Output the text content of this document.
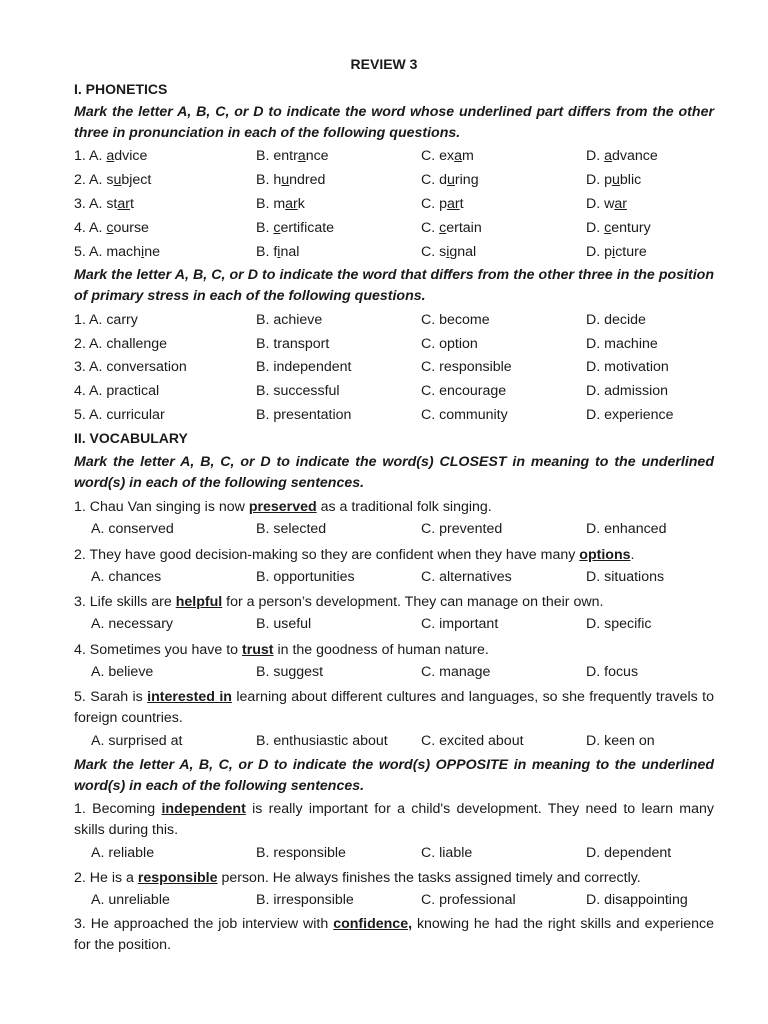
REVIEW 3
I. PHONETICS
Mark the letter A, B, C, or D to indicate the word whose underlined part differs from the other three in pronunciation in each of the following questions.
1. A. advice	B. entrance	C. exam	D. advance
2. A. subject	B. hundred	C. during	D. public
3. A. start	B. mark	C. part	D. war
4. A. course	B. certificate	C. certain	D. century
5. A. machine	B. final	C. signal	D. picture
Mark the letter A, B, C, or D to indicate the word that differs from the other three in the position of primary stress in each of the following questions.
1. A. carry	B. achieve	C. become	D. decide
2. A. challenge	B. transport	C. option	D. machine
3. A. conversation	B. independent	C. responsible	D. motivation
4. A. practical	B. successful	C. encourage	D. admission
5. A. curricular	B. presentation	C. community	D. experience
II. VOCABULARY
Mark the letter A, B, C, or D to indicate the word(s) CLOSEST in meaning to the underlined word(s) in each of the following sentences.
1. Chau Van singing is now preserved as a traditional folk singing.
A. conserved	B. selected	C. prevented	D. enhanced
2. They have good decision-making so they are confident when they have many options.
A. chances	B. opportunities	C. alternatives	D. situations
3. Life skills are helpful for a person’s development. They can manage on their own.
A. necessary	B. useful	C. important	D. specific
4. Sometimes you have to trust in the goodness of human nature.
A. believe	B. suggest	C. manage	D. focus
5. Sarah is interested in learning about different cultures and languages, so she frequently travels to foreign countries.
A. surprised at	B. enthusiastic about C. excited about	D. keen on
Mark the letter A, B, C, or D to indicate the word(s) OPPOSITE in meaning to the underlined word(s) in each of the following sentences.
1. Becoming independent is really important for a child's development. They need to learn many skills during this.
A. reliable	B. responsible	C. liable	D. dependent
2. He is a responsible person. He always finishes the tasks assigned timely and correctly.
A. unreliable	B. irresponsible	C. professional	D. disappointing
3. He approached the job interview with confidence, knowing he had the right skills and experience for the position.
